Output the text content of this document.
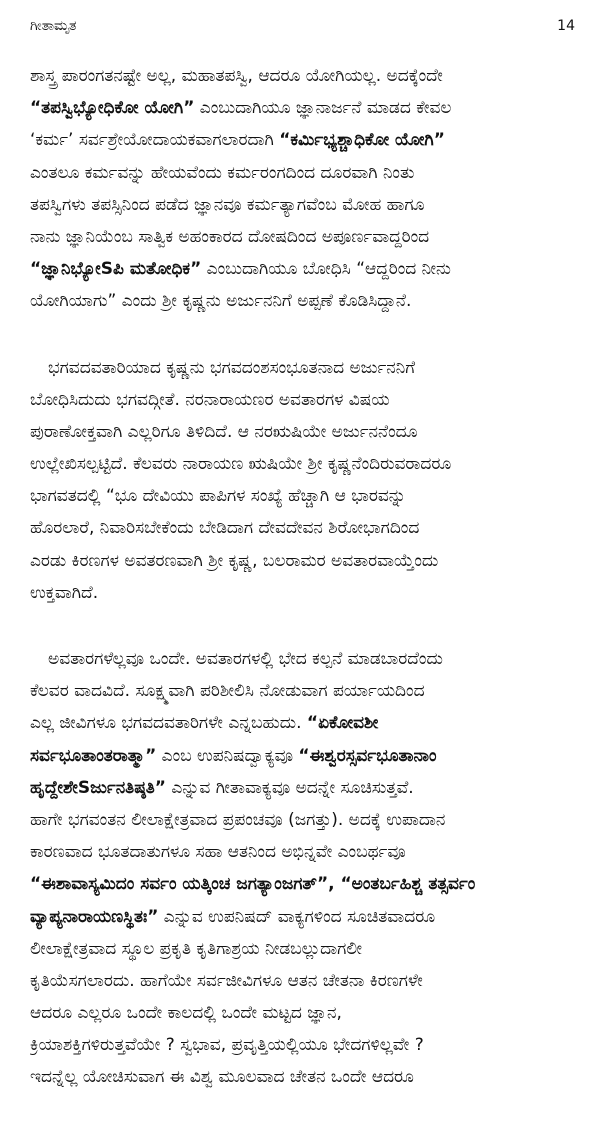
ಗೀತಾಮೃತ	14

ಶಾಸ್ತ್ರ ಪಾರಂಗತನಷ್ಟೇ ಅಲ್ಲ, ಮಹಾತಪಸ್ವಿ, ಆದರೂ ಯೋಗಿಯಲ್ಲ. ಅದಕ್ಕೆಂದೇ
“ತಪಸ್ವಿಭ್ಯೋಧಿಕೋ ಯೋಗಿ” ಎಂಬುದಾಗಿಯೂ ಜ್ಞಾನಾರ್ಜನೆ ಮಾಡದ ಕೇವಲ
‘ಕರ್ಮ’ ಸರ್ವಶ್ರೇಯೋದಾಯಕವಾಗಲಾರದಾಗಿ “ಕರ್ಮಿಭ್ಯಶ್ಚಾಧಿಕೋ ಯೋಗಿ”
ಎಂತಲೂ ಕರ್ಮವನ್ನು ಹೇಯವೆಂದು ಕರ್ಮರಂಗದಿಂದ ದೂರವಾಗಿ ನಿಂತು
ತಪಸ್ವಿಗಳು ತಪಸ್ಸಿನಿಂದ ಪಡೆದ ಜ್ಞಾನವೂ ಕರ್ಮತ್ಯಾಗವೆಂಬ ಮೋಹ ಹಾಗೂ
ನಾನು ಜ್ಞಾನಿಯೆಂಬ ಸಾತ್ವಿಕ ಅಹಂಕಾರದ ದೋಷದಿಂದ ಅಪೂರ್ಣವಾದ್ದರಿಂದ
“ಜ್ಞಾನಿಭ್ಯೋSಪಿ ಮತೋಧಿಕ” ಎಂಬುದಾಗಿಯೂ ಬೋಧಿಸಿ “ಆದ್ದರಿಂದ ನೀನು
ಯೋಗಿಯಾಗು” ಎಂದು ಶ್ರೀ ಕೃಷ್ಣನು ಅರ್ಜುನನಿಗೆ ಅಪ್ಪಣೆ ಕೊಡಿಸಿದ್ದಾನೆ.

ಭಗವದವತಾರಿಯಾದ ಕೃಷ್ಣನು ಭಗವದಂಶಸಂಭೂತನಾದ ಅರ್ಜುನನಿಗೆ
ಬೋಧಿಸಿದುದು ಭಗವದ್ಗೀತೆ. ನರನಾರಾಯಣರ ಅವತಾರಗಳ ವಿಷಯ
ಪುರಾಣೋಕ್ತವಾಗಿ ಎಲ್ಲರಿಗೂ ತಿಳಿದಿದೆ. ಆ ನರಋಷಿಯೇ ಅರ್ಜುನನೆಂದೂ
ಉಲ್ಲೇಖಿಸಲ್ಪಟ್ಟಿದೆ. ಕೆಲವರು ನಾರಾಯಣ ಋಷಿಯೇ ಶ್ರೀ ಕೃಷ್ಣನೆಂದಿರುವರಾದರೂ
ಭಾಗವತದಲ್ಲಿ “ಭೂ ದೇವಿಯು ಪಾಪಿಗಳ ಸಂಖ್ಯೆ ಹೆಚ್ಚಾಗಿ ಆ ಭಾರವನ್ನು
ಹೊರಲಾರೆ, ನಿವಾರಿಸಬೇಕೆಂದು ಬೇಡಿದಾಗ ದೇವದೇವನ ಶಿರೋಭಾಗದಿಂದ
ಎರಡು ಕಿರಣಗಳ ಅವತರಣವಾಗಿ ಶ್ರೀ ಕೃಷ್ಣ, ಬಲರಾಮರ ಅವತಾರವಾಯ್ತೆಂದು
ಉಕ್ತವಾಗಿದೆ.

ಅವತಾರಗಳೆಲ್ಲವೂ ಒಂದೇ. ಅವತಾರಗಳಲ್ಲಿ ಭೇದ ಕಲ್ಪನೆ ಮಾಡಬಾರದೆಂದು
ಕೆಲವರ ವಾದವಿದೆ. ಸೂಕ್ಷ್ಮವಾಗಿ ಪರಿಶೀಲಿಸಿ ನೋಡುವಾಗ ಪರ್ಯಾಯದಿಂದ
ಎಲ್ಲ ಜೀವಿಗಳೂ ಭಗವದವತಾರಿಗಳೇ ಎನ್ನಬಹುದು. “ಏಕೋವಶೀ
ಸರ್ವಭೂತಾಂತರಾತ್ಮಾ” ಎಂಬ ಉಪನಿಷದ್ವಾಕ್ಯವೂ “ಈಶ್ವರಸ್ಸರ್ವಭೂತಾನಾಂ
ಹೃದ್ದೇಶೇSರ್ಜುನತಿಷ್ಠತಿ” ಎನ್ನುವ ಗೀತಾವಾಕ್ಯವೂ ಅದನ್ನೇ ಸೂಚಿಸುತ್ತವೆ.
ಹಾಗೇ ಭಗವಂತನ ಲೀಲಾಕ್ಷೇತ್ರವಾದ ಪ್ರಪಂಚವೂ (ಜಗತ್ತು). ಅದಕ್ಕೆ ಉಪಾದಾನ
ಕಾರಣವಾದ ಭೂತದಾತುಗಳೂ ಸಹಾ ಆತನಿಂದ ಅಭಿನ್ನವೇ ಎಂಬರ್ಥವೂ
“ಈಶಾವಾಸ್ಯಮಿದಂ ಸರ್ವಂ ಯತ್ಕಿಂಚ ಜಗತ್ಯಾಂಜಗತ್”, “ಅಂತರ್ಬಹಿಶ್ಚ ತತ್ಸರ್ವಂ
ವ್ಯಾಪ್ಯನಾರಾಯಣಸ್ಥಿತಃ” ಎನ್ನುವ ಉಪನಿಷದ್ ವಾಕ್ಯಗಳಿಂದ ಸೂಚಿತವಾದರೂ
ಲೀಲಾಕ್ಷೇತ್ರವಾದ ಸ್ಥೂಲ ಪ್ರಕೃತಿ ಕೃತಿಗಾಶ್ರಯ ನೀಡಬಲ್ಲುದಾಗಲೀ
ಕೃತಿಯೆಸಗಲಾರದು. ಹಾಗೆಯೇ ಸರ್ವಜೀವಿಗಳೂ ಆತನ ಚೇತನಾ ಕಿರಣಗಳೇ
ಆದರೂ ಎಲ್ಲರೂ ಒಂದೇ ಕಾಲದಲ್ಲಿ ಒಂದೇ ಮಟ್ಟದ ಜ್ಞಾನ,
ಕ್ರಿಯಾಶಕ್ತಿಗಳಿರುತ್ತವೆಯೇ ? ಸ್ವಭಾವ, ಪ್ರವೃತ್ತಿಯಲ್ಲಿಯೂ ಭೇದಗಳಿಲ್ಲವೇ ?
ಇದನ್ನೆಲ್ಲ ಯೋಚಿಸುವಾಗ ಈ ವಿಶ್ವ ಮೂಲವಾದ ಚೇತನ ಒಂದೇ ಆದರೂ
